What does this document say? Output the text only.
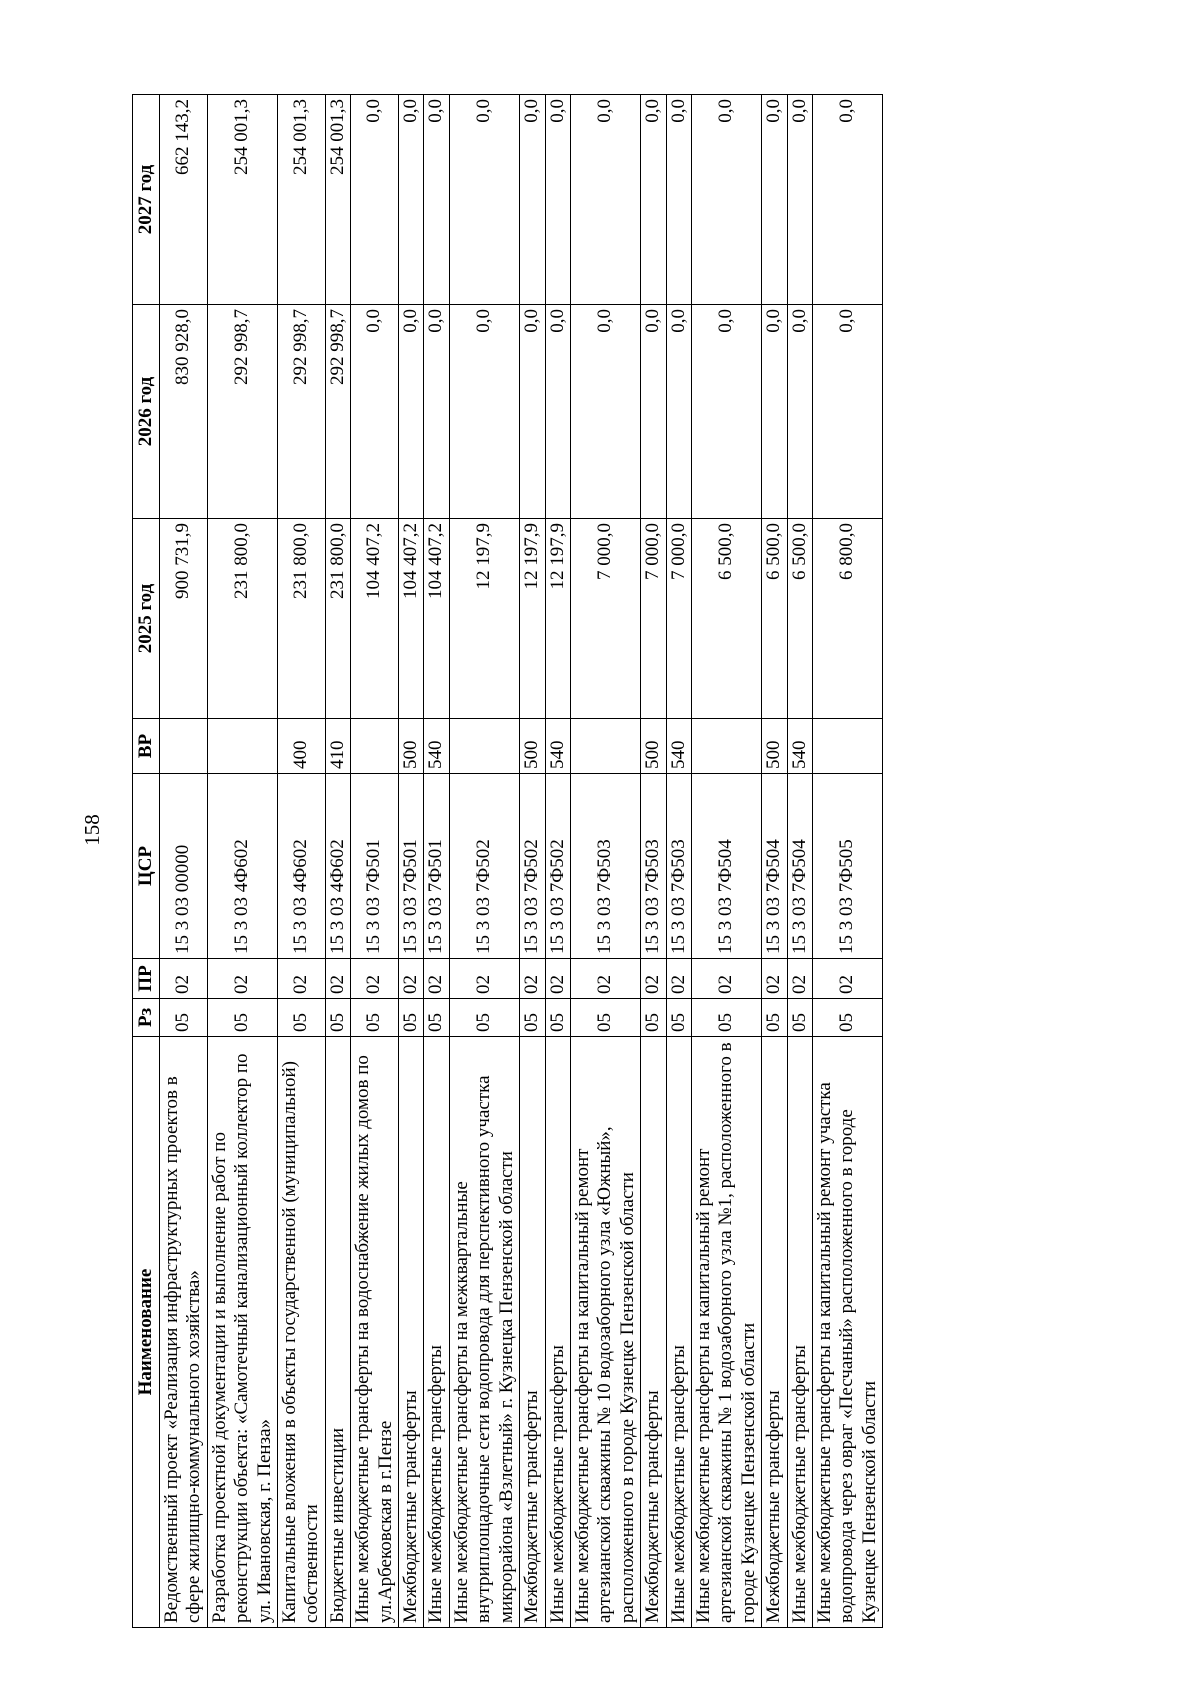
158
Наименование	Рз	ПР	ЦСР	ВР	2025 год	2026 год	2027 год
Ведомственный проект «Реализация инфраструктурных проектов в сфере жилищно-коммунального хозяйства»	05	02	15 3 03 00000		900 731,9	830 928,0	662 143,2
Разработка проектной документации и выполнение работ по реконструкции объекта: «Самотечный канализационный коллектор по ул. Ивановская, г. Пенза»	05	02	15 3 03 4Ф602		231 800,0	292 998,7	254 001,3
Капитальные вложения в объекты государственной (муниципальной) собственности	05	02	15 3 03 4Ф602	400	231 800,0	292 998,7	254 001,3
Бюджетные инвестиции	05	02	15 3 03 4Ф602	410	231 800,0	292 998,7	254 001,3
Иные межбюджетные трансферты на водоснабжение жилых домов по ул.Арбековская в г.Пензе	05	02	15 3 03 7Ф501		104 407,2	0,0	0,0
Межбюджетные трансферты	05	02	15 3 03 7Ф501	500	104 407,2	0,0	0,0
Иные межбюджетные трансферты	05	02	15 3 03 7Ф501	540	104 407,2	0,0	0,0
Иные межбюджетные трансферты на межквартальные внутриплощадочные сети водопровода для перспективного участка микрорайона «Взлетный» г. Кузнецка Пензенской области	05	02	15 3 03 7Ф502		12 197,9	0,0	0,0
Межбюджетные трансферты	05	02	15 3 03 7Ф502	500	12 197,9	0,0	0,0
Иные межбюджетные трансферты	05	02	15 3 03 7Ф502	540	12 197,9	0,0	0,0
Иные межбюджетные трансферты на капитальный ремонт артезианской скважины № 10 водозаборного узла «Южный», расположенного в городе Кузнецке Пензенской области	05	02	15 3 03 7Ф503		7 000,0	0,0	0,0
Межбюджетные трансферты	05	02	15 3 03 7Ф503	500	7 000,0	0,0	0,0
Иные межбюджетные трансферты	05	02	15 3 03 7Ф503	540	7 000,0	0,0	0,0
Иные межбюджетные трансферты на капитальный ремонт артезианской скважины № 1 водозаборного узла №1, расположенного в городе Кузнецке Пензенской области	05	02	15 3 03 7Ф504		6 500,0	0,0	0,0
Межбюджетные трансферты	05	02	15 3 03 7Ф504	500	6 500,0	0,0	0,0
Иные межбюджетные трансферты	05	02	15 3 03 7Ф504	540	6 500,0	0,0	0,0
Иные межбюджетные трансферты на капитальный ремонт участка водопровода через овраг «Песчаный» расположенного в городе Кузнецке Пензенской области	05	02	15 3 03 7Ф505		6 800,0	0,0	0,0
